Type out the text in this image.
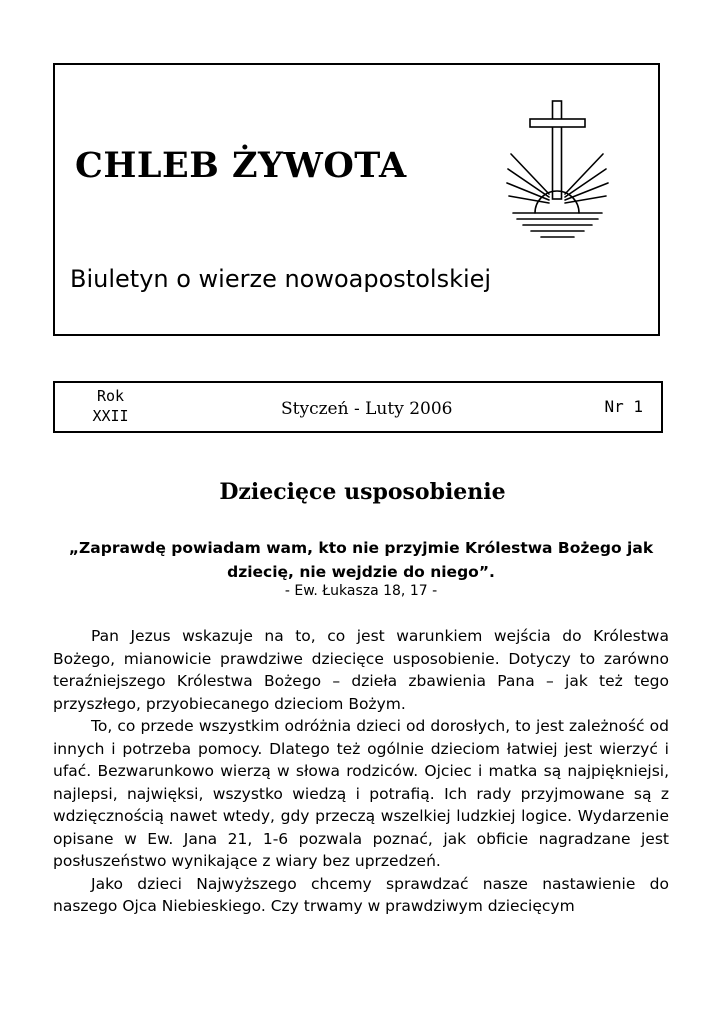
CHLEB ŻYWOTA

Biuletyn o wierze nowoapostolskiej

Rok
XXII	Styczeń - Luty 2006	Nr 1
Dziecięce usposobienie

„Zaprawdę powiadam wam, kto nie przyjmie Królestwa Bożego jak dziecię, nie wejdzie do niego”.

- Ew. Łukasza 18, 17 -

Pan Jezus wskazuje na to, co jest warunkiem wejścia do Królestwa Bożego, mianowicie prawdziwe dziecięce usposobienie. Dotyczy to zarówno teraźniejszego Królestwa Bożego – dzieła zbawienia Pana – jak też tego przyszłego, przyobiecanego dzieciom Bożym.

To, co przede wszystkim odróżnia dzieci od dorosłych, to jest zależność od innych i potrzeba pomocy. Dlatego też ogólnie dzieciom łatwiej jest wierzyć i ufać. Bezwarunkowo wierzą w słowa rodziców. Ojciec i matka są najpiękniejsi, najlepsi, najwięksi, wszystko wiedzą i potrafią. Ich rady przyjmowane są z wdzięcznością nawet wtedy, gdy przeczą wszelkiej ludzkiej logice. Wydarzenie opisane w Ew. Jana 21, 1-6 pozwala poznać, jak obficie nagradzane jest posłuszeństwo wynikające z wiary bez uprzedzeń.

Jako dzieci Najwyższego chcemy sprawdzać nasze nastawienie do naszego Ojca Niebieskiego. Czy trwamy w prawdziwym dziecięcym
